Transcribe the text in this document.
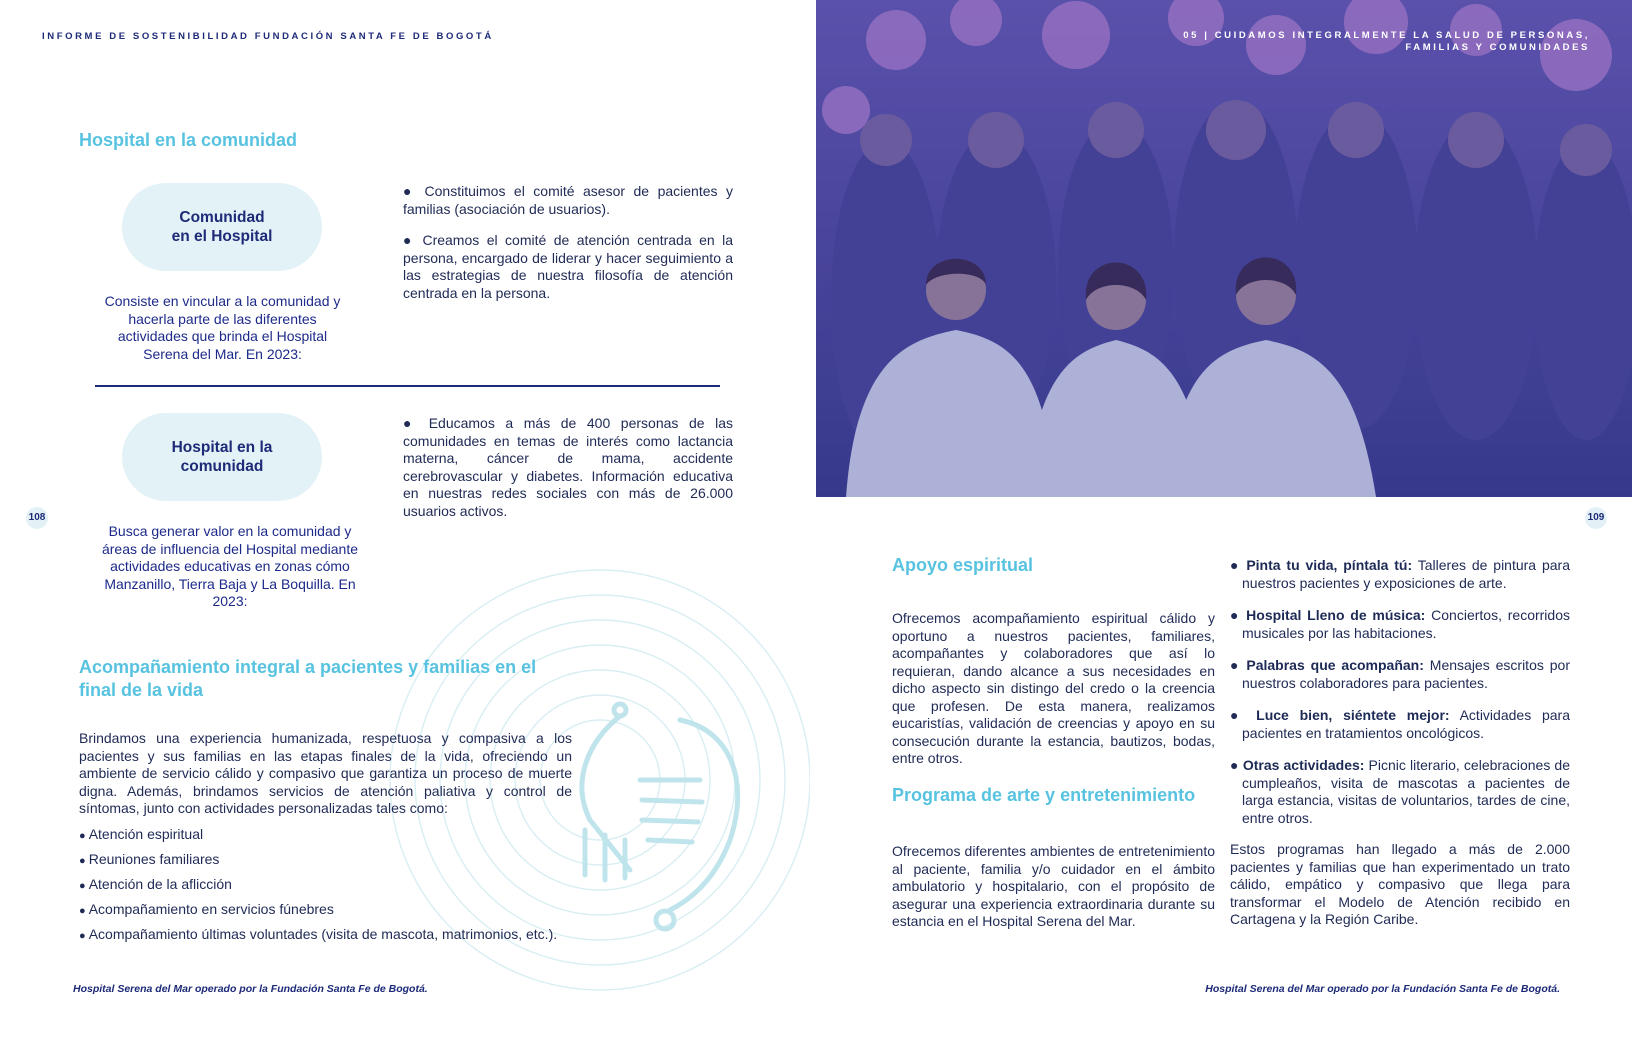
INFORME DE SOSTENIBILIDAD FUNDACIÓN SANTA FE DE BOGOTÁ
108
Hospital en la comunidad
Comunidad
en el Hospital
Consiste en vincular a la comunidad y hacerla parte de las diferentes actividades que brinda el Hospital Serena del Mar. En 2023:

● Constituimos el comité asesor de pacientes y familias (asociación de usuarios).

● Creamos el comité de atención centrada en la persona, encargado de liderar y hacer seguimiento a las estrategias de nuestra filosofía de atención centrada en la persona.

Hospital en la
comunidad
Busca generar valor en la comunidad y áreas de influencia del Hospital mediante actividades educativas en zonas cómo Manzanillo, Tierra Baja y La Boquilla. En 2023:

● Educamos a más de 400 personas de las comunidades en temas de interés como lactancia materna, cáncer de mama, accidente cerebrovascular y diabetes. Información educativa en nuestras redes sociales con más de 26.000 usuarios activos.

Acompañamiento integral a pacientes y familias en el final de la vida
Brindamos una experiencia humanizada, respetuosa y compasiva a los pacientes y sus familias en las etapas finales de la vida, ofreciendo un ambiente de servicio cálido y compasivo que garantiza un proceso de muerte digna. Además, brindamos servicios de atención paliativa y control de síntomas, junto con actividades personalizadas tales como:
● Atención espiritual
● Reuniones familiares
● Atención de la aflicción
● Acompañamiento en servicios fúnebres
● Acompañamiento últimas voluntades (visita de mascota, matrimonios, etc.).
Hospital Serena del Mar operado por la Fundación Santa Fe de Bogotá.
05 | CUIDAMOS INTEGRALMENTE LA SALUD DE PERSONAS,
FAMILIAS Y COMUNIDADES
109
Apoyo espiritual
Ofrecemos acompañamiento espiritual cálido y oportuno a nuestros pacientes, familiares, acompañantes y colaboradores que así lo requieran, dando alcance a sus necesidades en dicho aspecto sin distingo del credo o la creencia que profesen. De esta manera, realizamos eucaristías, validación de creencias y apoyo en su consecución durante la estancia, bautizos, bodas, entre otros.
Programa de arte y entretenimiento
Ofrecemos diferentes ambientes de entretenimiento al paciente, familia y/o cuidador en el ámbito ambulatorio y hospitalario, con el propósito de asegurar una experiencia extraordinaria durante su estancia en el Hospital Serena del Mar.
● Pinta tu vida, píntala tú: Talleres de pintura para nuestros pacientes y exposiciones de arte.
● Hospital Lleno de música: Conciertos, recorridos musicales por las habitaciones.
● Palabras que acompañan: Mensajes escritos por nuestros colaboradores para pacientes.
● Luce bien, siéntete mejor: Actividades para pacientes en tratamientos oncológicos.
● Otras actividades: Picnic literario, celebraciones de cumpleaños, visita de mascotas a pacientes de larga estancia, visitas de voluntarios, tardes de cine, entre otros.
Estos programas han llegado a más de 2.000 pacientes y familias que han experimentado un trato cálido, empático y compasivo que llega para transformar el Modelo de Atención recibido en Cartagena y la Región Caribe.
Hospital Serena del Mar operado por la Fundación Santa Fe de Bogotá.
